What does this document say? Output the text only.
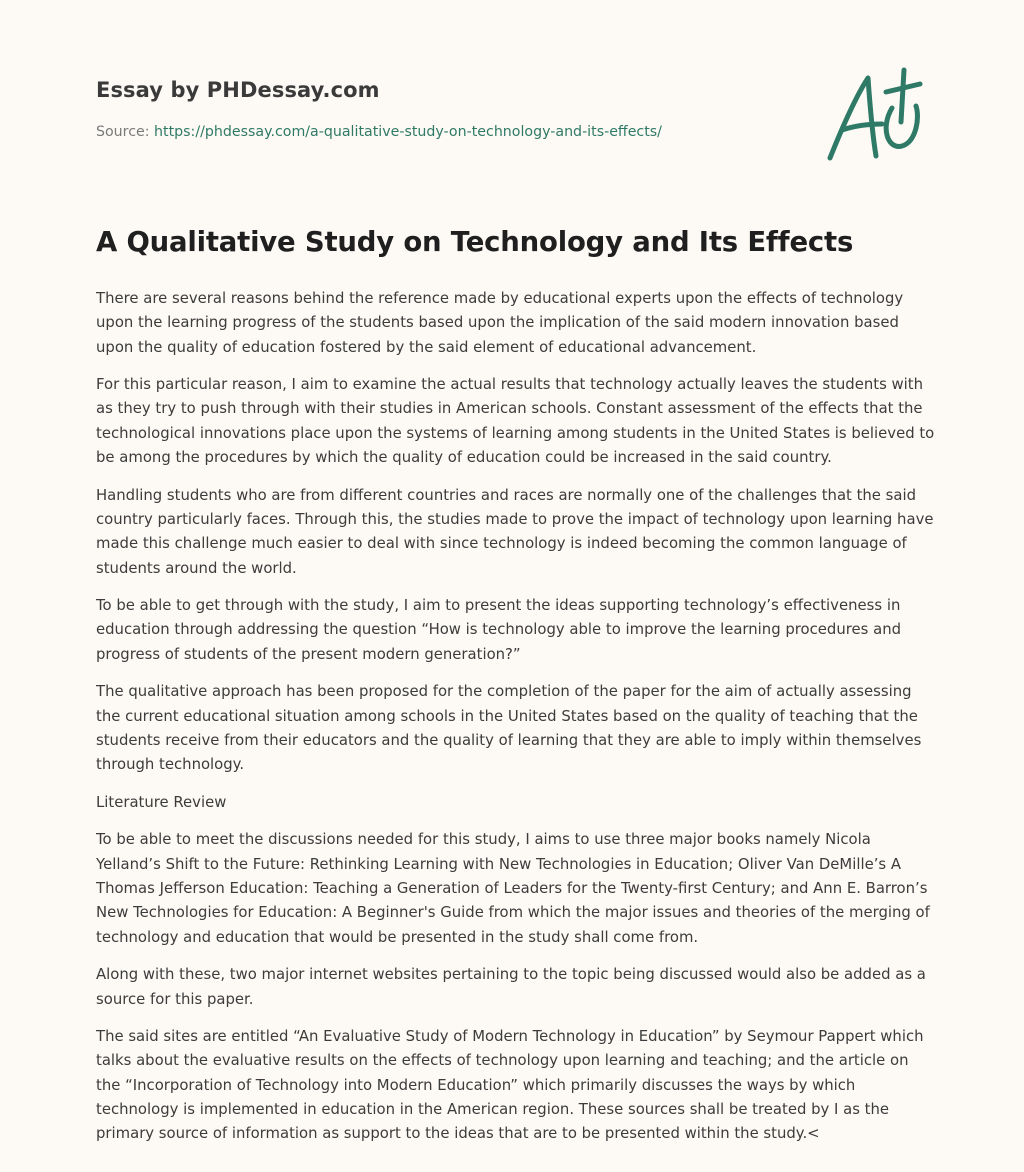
Essay by PHDessay.com
Source: https://phdessay.com/a-qualitative-study-on-technology-and-its-effects/
A Qualitative Study on Technology and Its Effects

There are several reasons behind the reference made by educational experts upon the effects of technology upon the learning progress of the students based upon the implication of the said modern innovation based upon the quality of education fostered by the said element of educational advancement.

For this particular reason, I aim to examine the actual results that technology actually leaves the students with as they try to push through with their studies in American schools. Constant assessment of the effects that the technological innovations place upon the systems of learning among students in the United States is believed to be among the procedures by which the quality of education could be increased in the said country.

Handling students who are from different countries and races are normally one of the challenges that the said country particularly faces. Through this, the studies made to prove the impact of technology upon learning have made this challenge much easier to deal with since technology is indeed becoming the common language of students around the world.

To be able to get through with the study, I aim to present the ideas supporting technology’s effectiveness in education through addressing the question “How is technology able to improve the learning procedures and progress of students of the present modern generation?”

The qualitative approach has been proposed for the completion of the paper for the aim of actually assessing the current educational situation among schools in the United States based on the quality of teaching that the students receive from their educators and the quality of learning that they are able to imply within themselves through technology.

Literature Review

To be able to meet the discussions needed for this study, I aims to use three major books namely Nicola Yelland’s Shift to the Future: Rethinking Learning with New Technologies in Education; Oliver Van DeMille’s A Thomas Jefferson Education: Teaching a Generation of Leaders for the Twenty-first Century; and Ann E. Barron’s New Technologies for Education: A Beginner's Guide from which the major issues and theories of the merging of technology and education that would be presented in the study shall come from.

Along with these, two major internet websites pertaining to the topic being discussed would also be added as a source for this paper.

The said sites are entitled “An Evaluative Study of Modern Technology in Education” by Seymour Pappert which talks about the evaluative results on the effects of technology upon learning and teaching; and the article on the “Incorporation of Technology into Modern Education” which primarily discusses the ways by which technology is implemented in education in the American region. These sources shall be treated by I as the primary source of information as support to the ideas that are to be presented within the study.<
